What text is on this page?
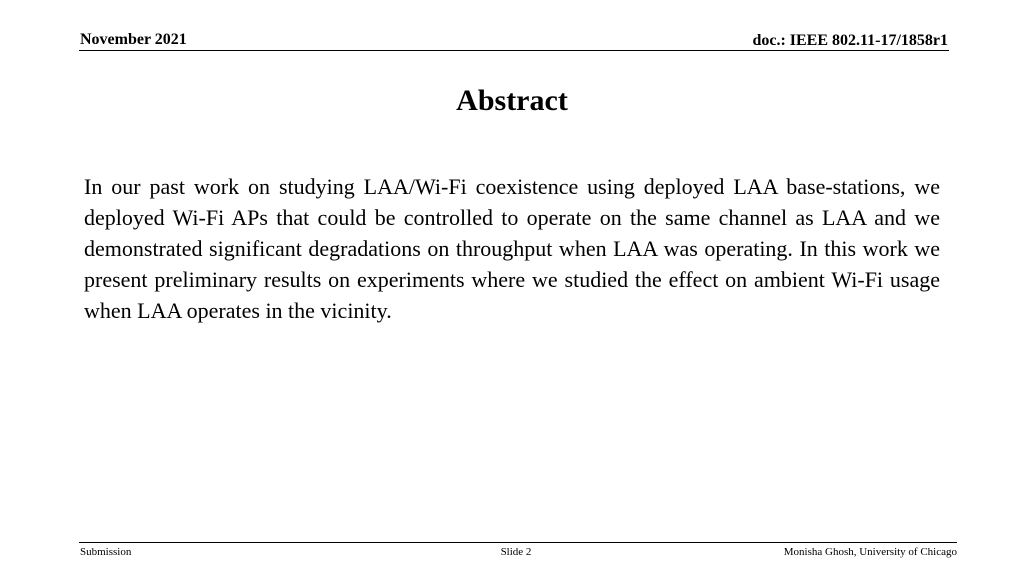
November 2021	doc.: IEEE 802.11-17/1858r1
Abstract
In our past work on studying LAA/Wi-Fi coexistence using deployed LAA base-stations, we deployed Wi-Fi APs that could be controlled to operate on the same channel as LAA and we demonstrated significant degradations on throughput when LAA was operating. In this work we present preliminary results on experiments where we studied the effect on ambient Wi-Fi usage when LAA operates in the vicinity.
Submission	Slide 2	Monisha Ghosh, University of Chicago
